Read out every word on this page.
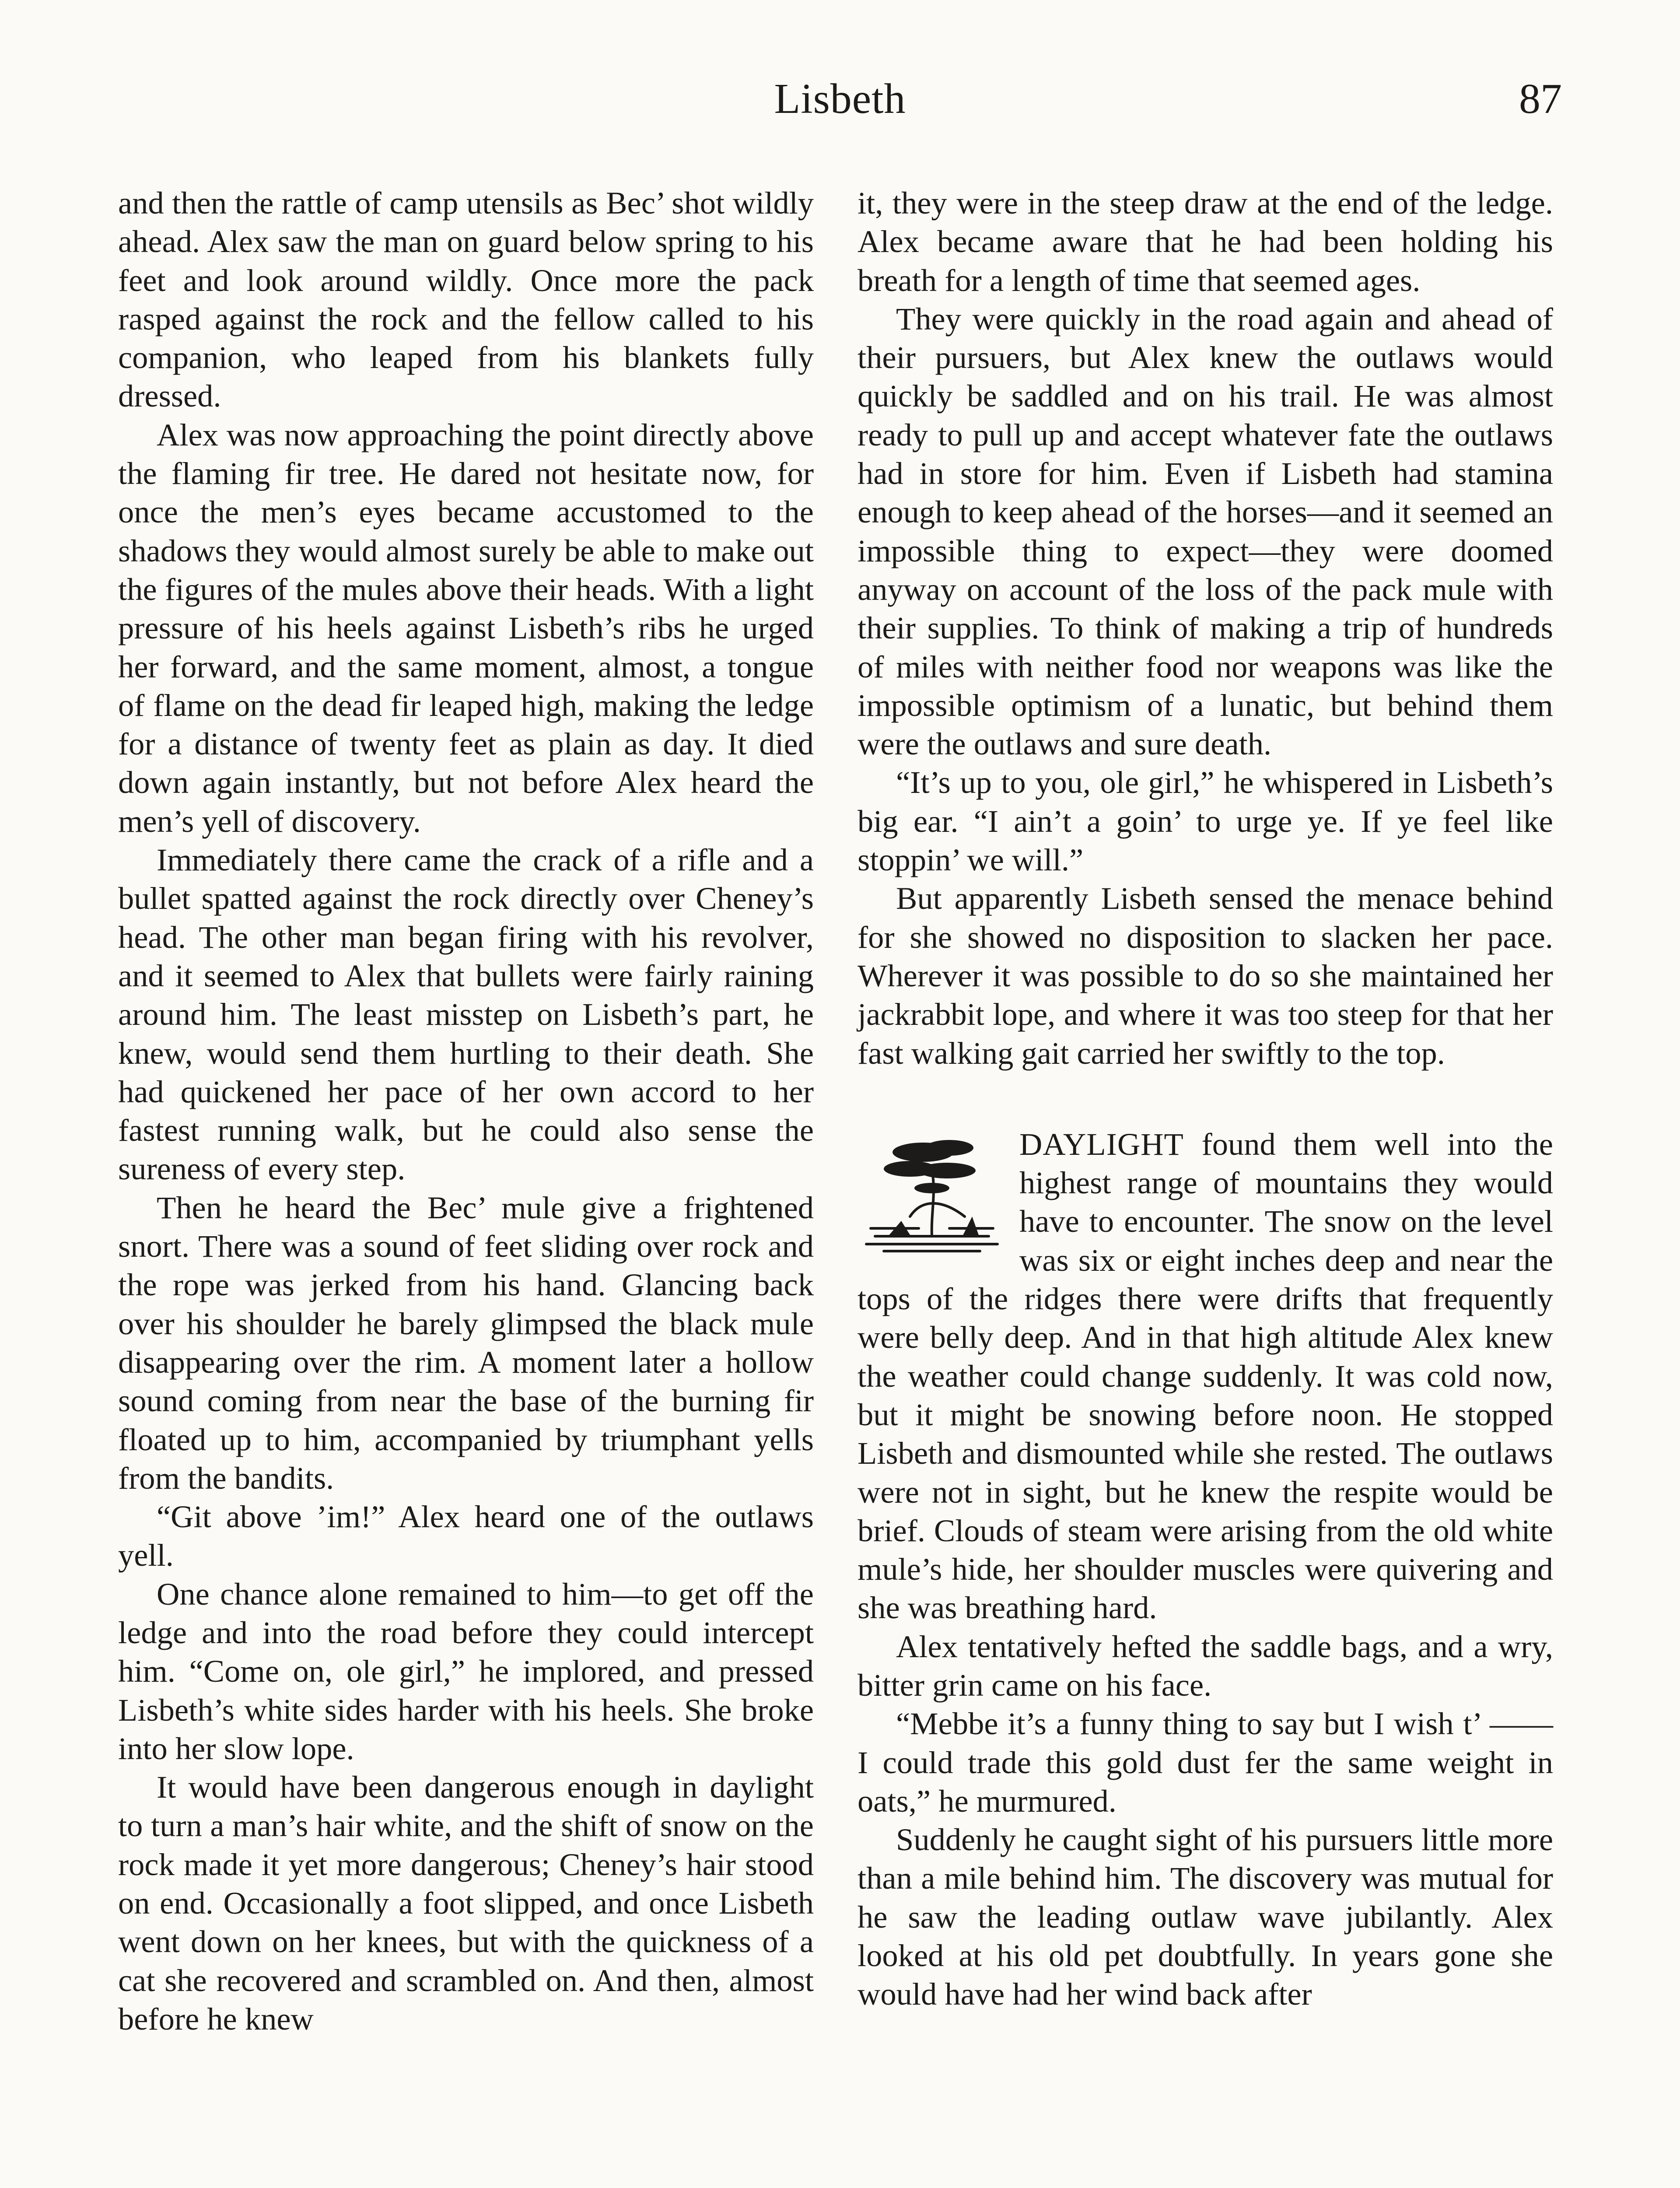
Lisbeth	87

and then the rattle of camp utensils as Bec’ shot wildly ahead. Alex saw the man on guard below spring to his feet and look around wildly. Once more the pack rasped against the rock and the fellow called to his companion, who leaped from his blankets fully dressed.

Alex was now approaching the point directly above the flaming fir tree. He dared not hesitate now, for once the men’s eyes became accustomed to the shadows they would almost surely be able to make out the figures of the mules above their heads. With a light pressure of his heels against Lisbeth’s ribs he urged her forward, and the same moment, almost, a tongue of flame on the dead fir leaped high, making the ledge for a distance of twenty feet as plain as day. It died down again instantly, but not before Alex heard the men’s yell of discovery.

Immediately there came the crack of a rifle and a bullet spatted against the rock directly over Cheney’s head. The other man began firing with his revolver, and it seemed to Alex that bullets were fairly raining around him. The least misstep on Lisbeth’s part, he knew, would send them hurtling to their death. She had quickened her pace of her own accord to her fastest running walk, but he could also sense the sureness of every step.

Then he heard the Bec’ mule give a frightened snort. There was a sound of feet sliding over rock and the rope was jerked from his hand. Glancing back over his shoulder he barely glimpsed the black mule disappearing over the rim. A moment later a hollow sound coming from near the base of the burning fir floated up to him, accompanied by triumphant yells from the bandits.

“Git above ’im!” Alex heard one of the outlaws yell.

One chance alone remained to him—to get off the ledge and into the road before they could intercept him. “Come on, ole girl,” he implored, and pressed Lisbeth’s white sides harder with his heels. She broke into her slow lope.

It would have been dangerous enough in daylight to turn a man’s hair white, and the shift of snow on the rock made it yet more dangerous; Cheney’s hair stood on end. Occasionally a foot slipped, and once Lisbeth went down on her knees, but with the quickness of a cat she recovered and scrambled on. And then, almost before he knew

it, they were in the steep draw at the end of the ledge. Alex became aware that he had been holding his breath for a length of time that seemed ages.

They were quickly in the road again and ahead of their pursuers, but Alex knew the outlaws would quickly be saddled and on his trail. He was almost ready to pull up and accept whatever fate the outlaws had in store for him. Even if Lisbeth had stamina enough to keep ahead of the horses—and it seemed an impossible thing to expect—they were doomed anyway on account of the loss of the pack mule with their supplies. To think of making a trip of hundreds of miles with neither food nor weapons was like the impossible optimism of a lunatic, but behind them were the outlaws and sure death.

“It’s up to you, ole girl,” he whispered in Lisbeth’s big ear. “I ain’t a goin’ to urge ye. If ye feel like stoppin’ we will.”

But apparently Lisbeth sensed the menace behind for she showed no disposition to slacken her pace. Wherever it was possible to do so she maintained her jackrabbit lope, and where it was too steep for that her fast walking gait carried her swiftly to the top.

DAYLIGHT found them well into the highest range of mountains they would have to encounter. The snow on the level was six or eight inches deep and near the tops of the ridges there were drifts that frequently were belly deep. And in that high altitude Alex knew the weather could change suddenly. It was cold now, but it might be snowing before noon. He stopped Lisbeth and dismounted while she rested. The outlaws were not in sight, but he knew the respite would be brief. Clouds of steam were arising from the old white mule’s hide, her shoulder muscles were quivering and she was breathing hard.

Alex tentatively hefted the saddle bags, and a wry, bitter grin came on his face.

“Mebbe it’s a funny thing to say but I wish t’ —— I could trade this gold dust fer the same weight in oats,” he murmured.

Suddenly he caught sight of his pursuers little more than a mile behind him. The discovery was mutual for he saw the leading outlaw wave jubilantly. Alex looked at his old pet doubtfully. In years gone she would have had her wind back after
